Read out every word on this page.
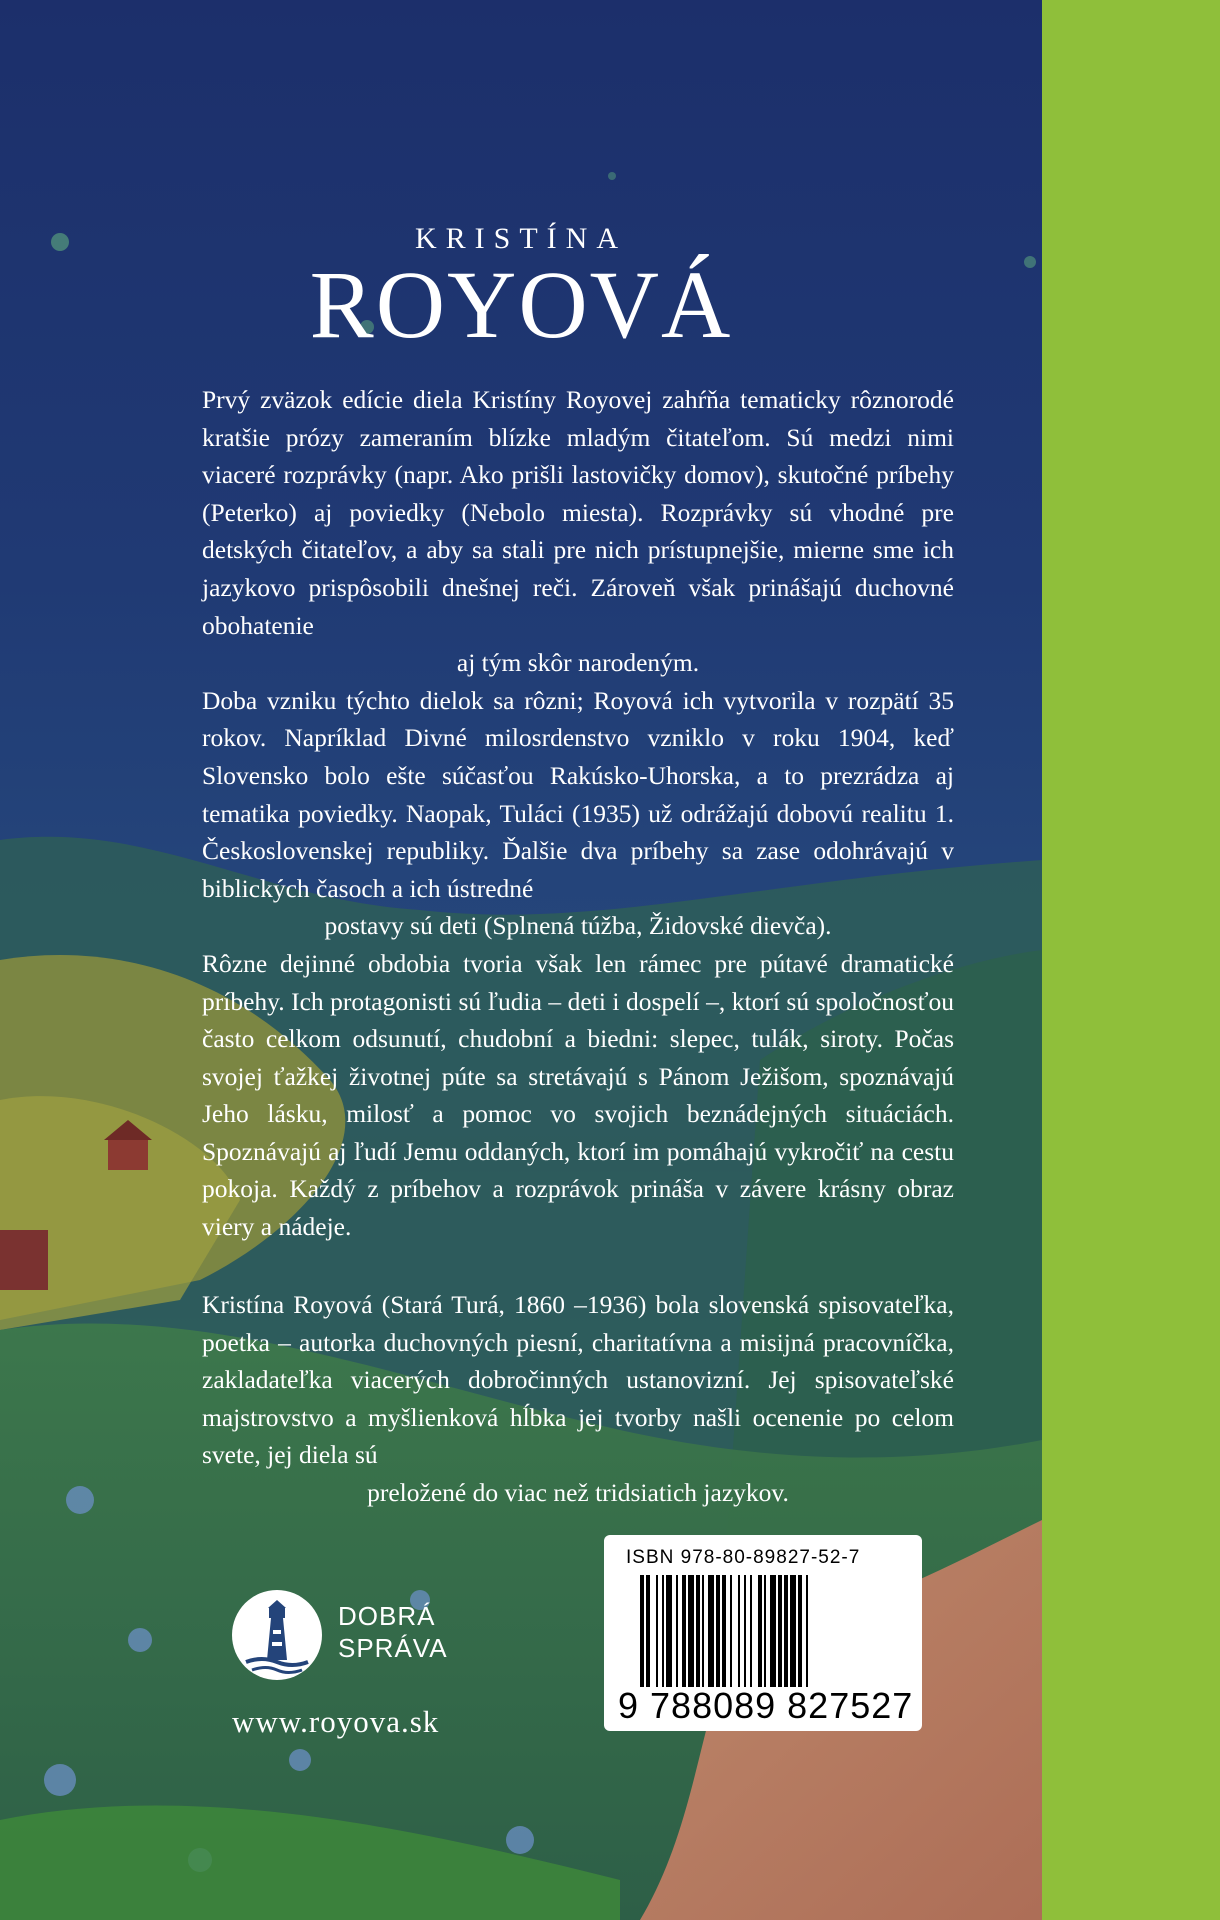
KRISTÍNA
ROYOVÁ

Prvý zväzok edície diela Kristíny Royovej zahŕňa tematicky rôznorodé kratšie prózy zameraním blízke mladým čitateľom. Sú medzi nimi viaceré rozprávky (napr. Ako prišli lastovičky domov), skutočné príbehy (Peterko) aj poviedky (Nebolo miesta). Rozprávky sú vhodné pre detských čitateľov, a aby sa stali pre nich prístupnejšie, mierne sme ich jazykovo prispôsobili dnešnej reči. Zároveň však prinášajú duchovné obohatenie

aj tým skôr narodeným.

Doba vzniku týchto dielok sa rôzni; Royová ich vytvorila v rozpätí 35 rokov. Napríklad Divné milosrdenstvo vzniklo v roku 1904, keď Slovensko bolo ešte súčasťou Rakúsko-Uhorska, a to prezrádza aj tematika poviedky. Naopak, Tuláci (1935) už odrážajú dobovú realitu 1. Československej republiky. Ďalšie dva príbehy sa zase odohrávajú v biblických časoch a ich ústredné

postavy sú deti (Splnená túžba, Židovské dievča).

Rôzne dejinné obdobia tvoria však len rámec pre pútavé dramatické príbehy. Ich protagonisti sú ľudia – deti i dospelí –, ktorí sú spoločnosťou často celkom odsunutí, chudobní a biedni: slepec, tulák, siroty. Počas svojej ťažkej životnej púte sa stretávajú s Pánom Ježišom, spoznávajú Jeho lásku, milosť a pomoc vo svojich beznádejných situáciách. Spoznávajú aj ľudí Jemu oddaných, ktorí im pomáhajú vykročiť na cestu pokoja. Každý z príbehov a rozprávok prináša v závere krásny obraz viery a nádeje.

Kristína Royová (Stará Turá, 1860 –1936) bola slovenská spisovateľka, poetka – autorka duchovných piesní, charitatívna a misijná pracovníčka, zakladateľka viacerých dobročinných ustanovizní. Jej spisovateľské majstrovstvo a myšlienková hĺbka jej tvorby našli ocenenie po celom svete, jej diela sú

preložené do viac než tridsiatich jazykov.

DOBRÁ
SPRÁVA
www.royova.sk
ISBN 978-80-89827-52-7
9 788089 827527
